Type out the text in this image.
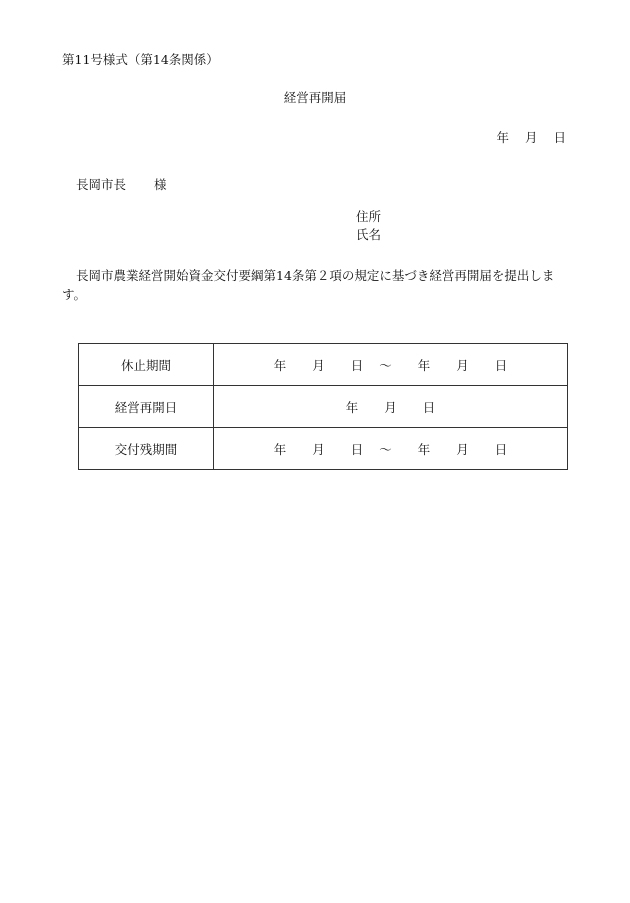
第11号様式（第14条関係）
経営再開届
年 月 日
長岡市長 様
住所
氏名
長岡市農業経営開始資金交付要綱第14条第２項の規定に基づき経営再開届を提出します。
休止期間	年 月 日 〜 年 月 日
経営再開日	年 月 日
交付残期間	年 月 日 〜 年 月 日
